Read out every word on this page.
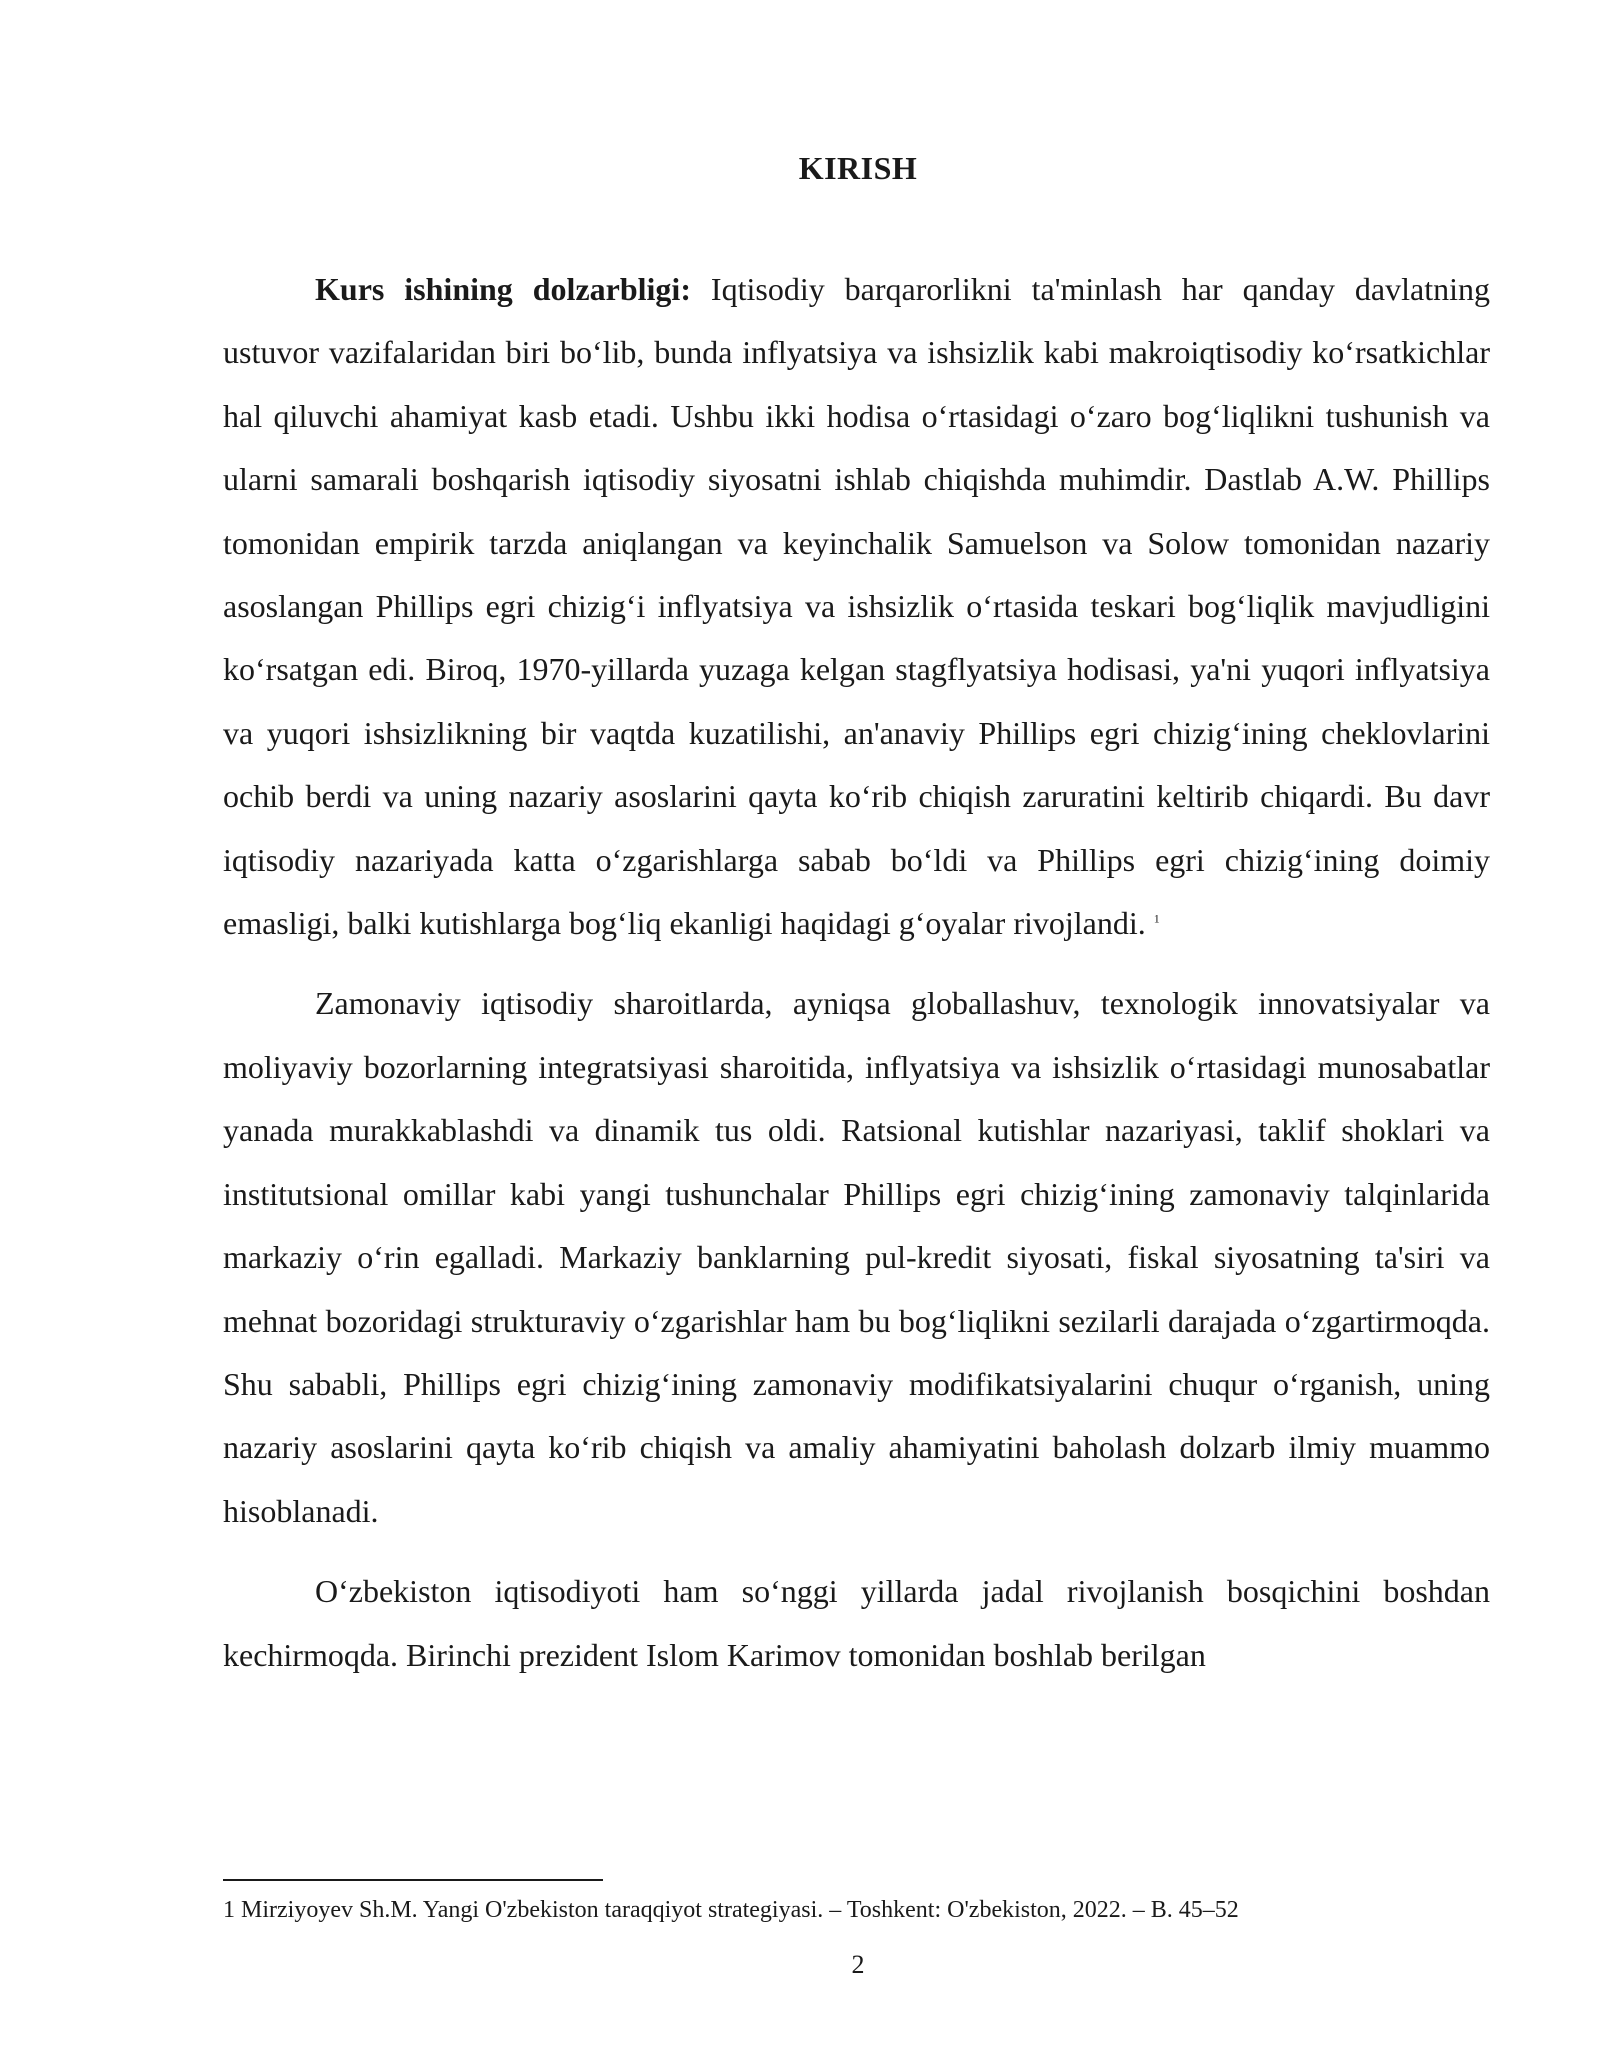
KIRISH

Kurs ishining dolzarbligi: Iqtisodiy barqarorlikni ta'minlash har qanday davlatning ustuvor vazifalaridan biri boʻlib, bunda inflyatsiya va ishsizlik kabi makroiqtisodiy koʻrsatkichlar hal qiluvchi ahamiyat kasb etadi. Ushbu ikki hodisa oʻrtasidagi oʻzaro bogʻliqlikni tushunish va ularni samarali boshqarish iqtisodiy siyosatni ishlab chiqishda muhimdir. Dastlab A.W. Phillips tomonidan empirik tarzda aniqlangan va keyinchalik Samuelson va Solow tomonidan nazariy asoslangan Phillips egri chizigʻi inflyatsiya va ishsizlik oʻrtasida teskari bogʻliqlik mavjudligini koʻrsatgan edi. Biroq, 1970-yillarda yuzaga kelgan stagflyatsiya hodisasi, ya'ni yuqori inflyatsiya va yuqori ishsizlikning bir vaqtda kuzatilishi, an'anaviy Phillips egri chizigʻining cheklovlarini ochib berdi va uning nazariy asoslarini qayta koʻrib chiqish zaruratini keltirib chiqardi. Bu davr iqtisodiy nazariyada katta oʻzgarishlarga sabab boʻldi va Phillips egri chizigʻining doimiy emasligi, balki kutishlarga bogʻliq ekanligi haqidagi gʻoyalar rivojlandi. $^1$

Zamonaviy iqtisodiy sharoitlarda, ayniqsa globallashuv, texnologik innovatsiyalar va moliyaviy bozorlarning integratsiyasi sharoitida, inflyatsiya va ishsizlik oʻrtasidagi munosabatlar yanada murakkablashdi va dinamik tus oldi. Ratsional kutishlar nazariyasi, taklif shoklari va institutsional omillar kabi yangi tushunchalar Phillips egri chizigʻining zamonaviy talqinlarida markaziy oʻrin egalladi. Markaziy banklarning pul-kredit siyosati, fiskal siyosatning ta'siri va mehnat bozoridagi strukturaviy oʻzgarishlar ham bu bogʻliqlikni sezilarli darajada oʻzgartirmoqda. Shu sababli, Phillips egri chizigʻining zamonaviy modifikatsiyalarini chuqur oʻrganish, uning nazariy asoslarini qayta koʻrib chiqish va amaliy ahamiyatini baholash dolzarb ilmiy muammo hisoblanadi.

Oʻzbekiston iqtisodiyoti ham soʻnggi yillarda jadal rivojlanish bosqichini boshdan kechirmoqda. Birinchi prezident Islom Karimov tomonidan boshlab berilgan

1 Mirziyoyev Sh.M. Yangi O'zbekiston taraqqiyot strategiyasi. – Toshkent: O'zbekiston, 2022. – B. 45–52
2
